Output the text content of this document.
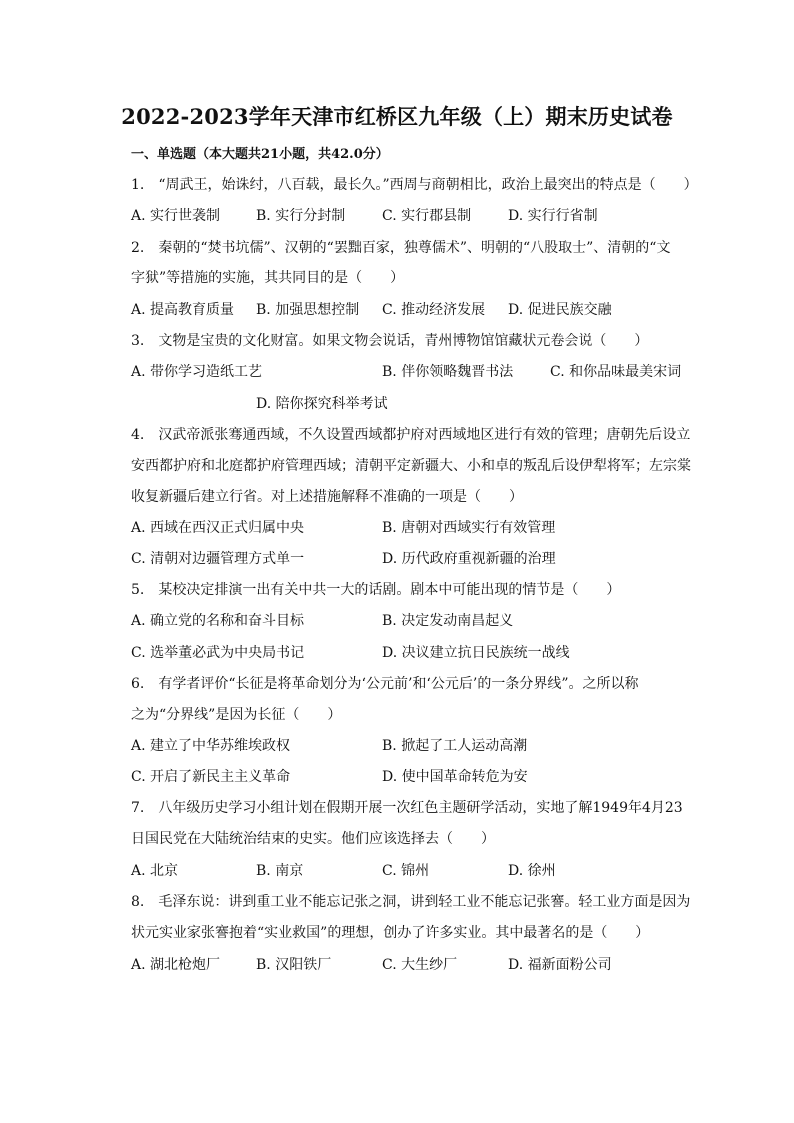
2022-2023学年天津市红桥区九年级（上）期末历史试卷
一、单选题（本大题共21小题，共42.0分）
1.　“周武王，始诛纣，八百载，最长久。”西周与商朝相比，政治上最突出的特点是（　　）
A. 实行世袭制	B. 实行分封制	C. 实行郡县制	D. 实行行省制
2.　秦朝的“焚书坑儒”、汉朝的“罢黜百家，独尊儒术”、明朝的“八股取士”、清朝的“文
字狱”等措施的实施，其共同目的是（　　）
A. 提高教育质量 B. 加强思想控制 C. 推动经济发展 D. 促进民族交融
3.　文物是宝贵的文化财富。如果文物会说话，青州博物馆馆藏状元卷会说（　　）
A. 带你学习造纸工艺	B. 伴你领略魏晋书法	C. 和你品味最美宋词
D. 陪你探究科举考试
4.　汉武帝派张骞通西域，不久设置西域都护府对西域地区进行有效的管理；唐朝先后设立
安西都护府和北庭都护府管理西域；清朝平定新疆大、小和卓的叛乱后设伊犁将军；左宗棠
收复新疆后建立行省。对上述措施解释不准确的一项是（　　）
A. 西域在西汉正式归属中央	B. 唐朝对西域实行有效管理
C. 清朝对边疆管理方式单一	D. 历代政府重视新疆的治理
5.　某校决定排演一出有关中共一大的话剧。剧本中可能出现的情节是（　　）
A. 确立党的名称和奋斗目标	B. 决定发动南昌起义
C. 选举董必武为中央局书记	D. 决议建立抗日民族统一战线
6.　有学者评价“长征是将革命划分为‘公元前’和‘公元后’的一条分界线”。之所以称
之为“分界线”是因为长征（　　）
A. 建立了中华苏维埃政权	B. 掀起了工人运动高潮
C. 开启了新民主主义革命	D. 使中国革命转危为安
7.　八年级历史学习小组计划在假期开展一次红色主题研学活动，实地了解1949年4月23
日国民党在大陆统治结束的史实。他们应该选择去（　　）
A. 北京	B. 南京	C. 锦州	D. 徐州
8.　毛泽东说：讲到重工业不能忘记张之洞，讲到轻工业不能忘记张謇。轻工业方面是因为
状元实业家张謇抱着“实业救国”的理想，创办了许多实业。其中最著名的是（　　）
A. 湖北枪炮厂	B. 汉阳铁厂	C. 大生纱厂	D. 福新面粉公司
